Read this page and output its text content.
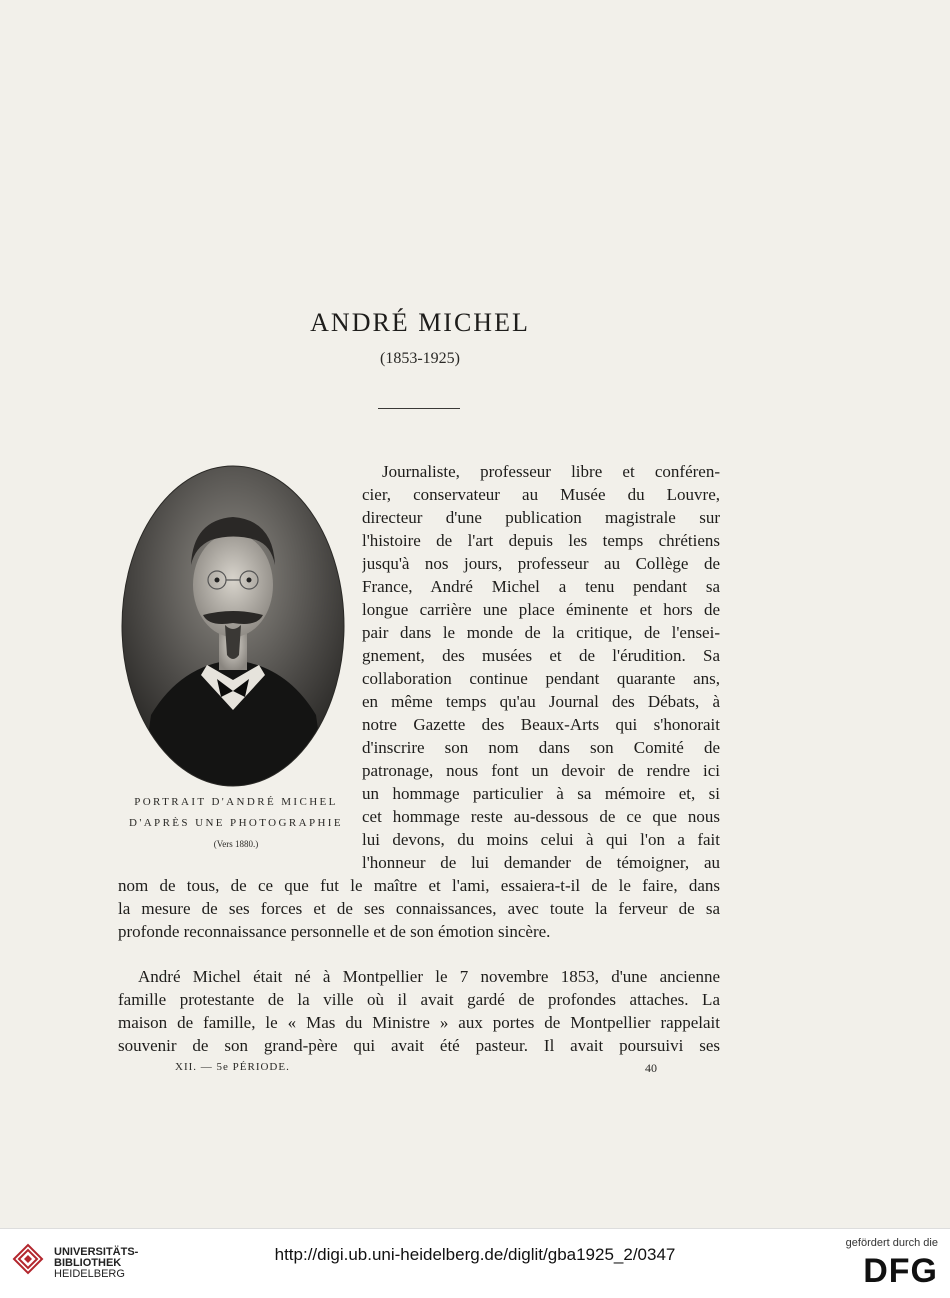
ANDRÉ MICHEL
(1853-1925)
PORTRAIT D'ANDRÉ MICHEL
D'APRÈS UNE PHOTOGRAPHIE
(Vers 1880.)
Journaliste, professeur libre et conféren-
cier, conservateur au Musée du Louvre,
directeur d'une publication magistrale sur
l'histoire de l'art depuis les temps chrétiens
jusqu'à nos jours, professeur au Collège de
France, André Michel a tenu pendant sa
longue carrière une place éminente et hors de
pair dans le monde de la critique, de l'ensei-
gnement, des musées et de l'érudition. Sa
collaboration continue pendant quarante ans,
en même temps qu'au Journal des Débats, à
notre Gazette des Beaux-Arts qui s'honorait
d'inscrire son nom dans son Comité de
patronage, nous font un devoir de rendre ici
un hommage particulier à sa mémoire et, si
cet hommage reste au-dessous de ce que nous
lui devons, du moins celui à qui l'on a fait
l'honneur de lui demander de témoigner, au
nom de tous, de ce que fut le maître et l'ami, essaiera-t-il de le faire, dans
la mesure de ses forces et de ses connaissances, avec toute la ferveur de sa
profonde reconnaissance personnelle et de son émotion sincère.
André Michel était né à Montpellier le 7 novembre 1853, d'une ancienne
famille protestante de la ville où il avait gardé de profondes attaches. La
maison de famille, le « Mas du Ministre » aux portes de Montpellier rappelait
souvenir de son grand-père qui avait été pasteur. Il avait poursuivi ses
XII. — 5e PÉRIODE.	40
UNIVERSITÄTS-
BIBLIOTHEK
HEIDELBERG
http://digi.ub.uni-heidelberg.de/diglit/gba1925_2/0347
gefördert durch die
DFG
